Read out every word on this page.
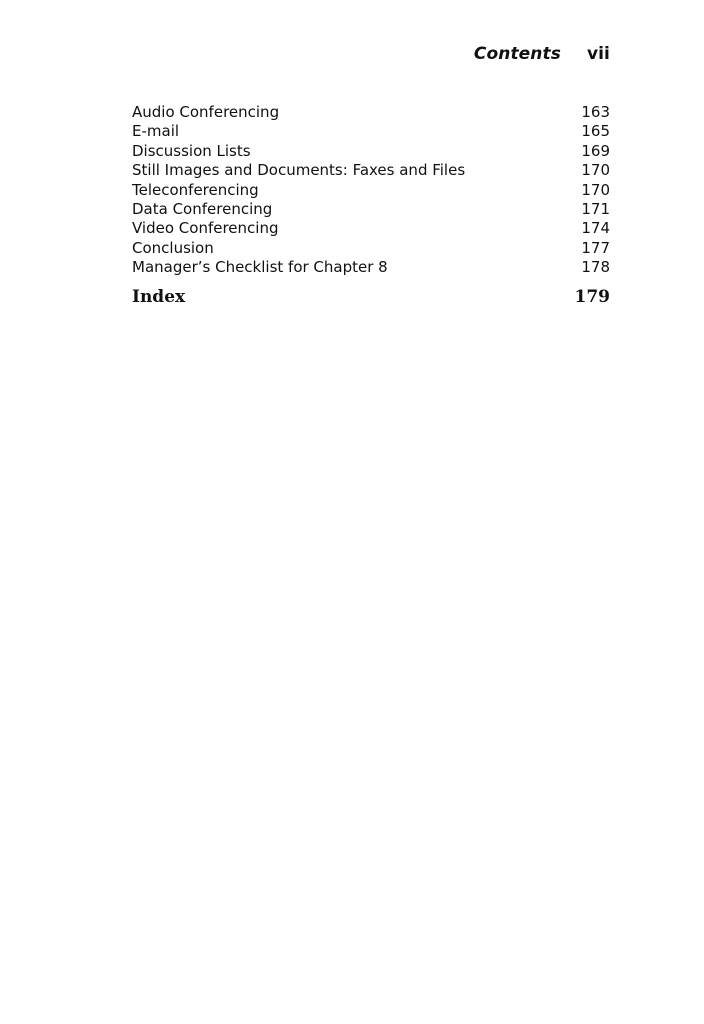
Contents vii
Audio Conferencing	163
E-mail	165
Discussion Lists	169
Still Images and Documents: Faxes and Files	170
Teleconferencing	170
Data Conferencing	171
Video Conferencing	174
Conclusion	177
Manager’s Checklist for Chapter 8	178
Index	179
